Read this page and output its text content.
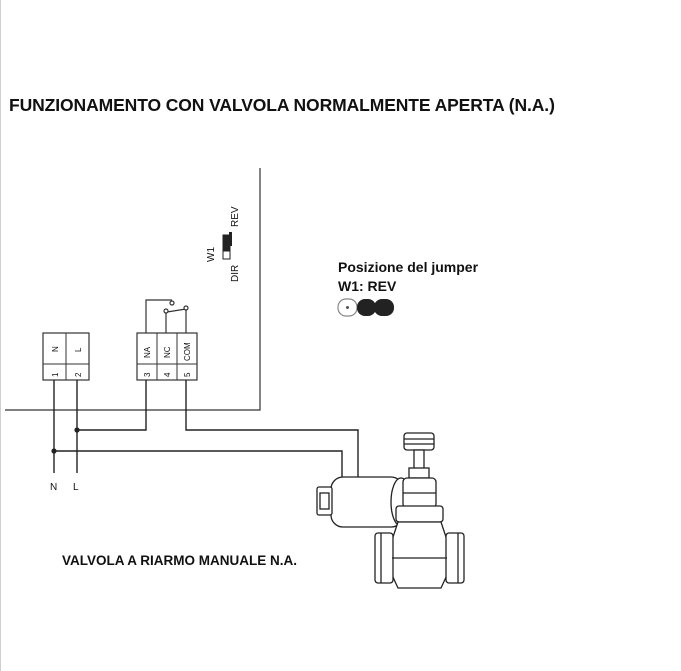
FUNZIONAMENTO CON VALVOLA NORMALMENTE APERTA (N.A.)
W1
DIR
REV
Posizione del jumper
W1: REV
N L
1 2
NA NC COM
3 4 5
N L
VALVOLA A RIARMO MANUALE N.A.
